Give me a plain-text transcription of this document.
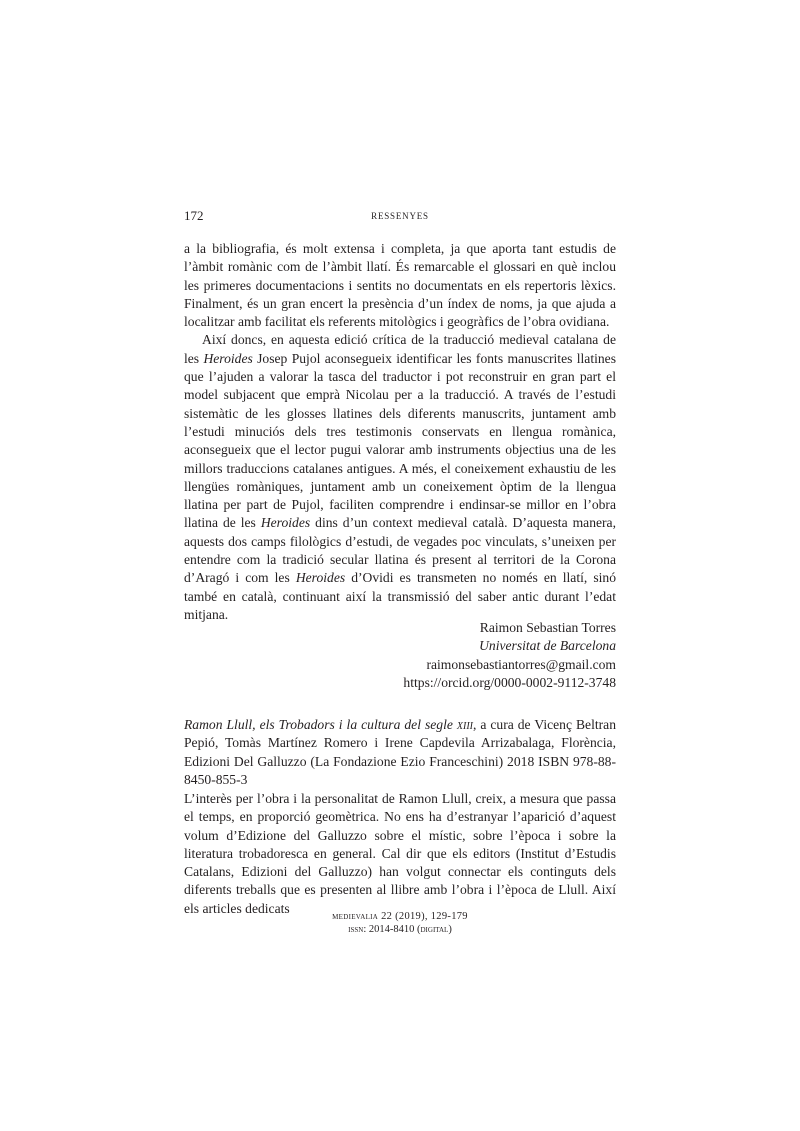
172	RESSENYES

a la bibliografia, és molt extensa i completa, ja que aporta tant estudis de l’àmbit romànic com de l’àmbit llatí. És remarcable el glossari en què inclou les primeres documentacions i sentits no documentats en els repertoris lèxics. Finalment, és un gran encert la presència d’un índex de noms, ja que ajuda a localitzar amb facilitat els referents mitològics i geogràfics de l’obra ovidiana.

Així doncs, en aquesta edició crítica de la traducció medieval catalana de les Heroides Josep Pujol aconsegueix identificar les fonts manuscrites llatines que l’ajuden a valorar la tasca del traductor i pot reconstruir en gran part el model subjacent que emprà Nicolau per a la traducció. A través de l’estudi sistemàtic de les glosses llatines dels diferents manuscrits, juntament amb l’estudi minuciós dels tres testimonis conservats en llengua romànica, aconsegueix que el lector pugui valorar amb instruments objectius una de les millors traduccions catalanes antigues. A més, el coneixement exhaustiu de les llengües romàniques, juntament amb un coneixement òptim de la llengua llatina per part de Pujol, faciliten comprendre i endinsar-se millor en l’obra llatina de les Heroides dins d’un context medieval català. D’aquesta manera, aquests dos camps filològics d’estudi, de vegades poc vinculats, s’uneixen per entendre com la tradició secular llatina és present al territori de la Corona d’Aragó i com les Heroides d’Ovidi es transmeten no només en llatí, sinó també en català, continuant així la transmissió del saber antic durant l’edat mitjana.

Raimon Sebastian Torres
Universitat de Barcelona
raimonsebastiantorres@gmail.com
https://orcid.org/0000-0002-9112-3748

Ramon Llull, els Trobadors i la cultura del segle xiii, a cura de Vicenç Beltran Pepió, Tomàs Martínez Romero i Irene Capdevila Arrizabalaga, Florència, Edizioni Del Galluzzo (La Fondazione Ezio Franceschini) 2018 ISBN 978-88-8450-855-3

L’interès per l’obra i la personalitat de Ramon Llull, creix, a mesura que passa el temps, en proporció geomètrica. No ens ha d’estranyar l’aparició d’aquest volum d’Edizione del Galluzzo sobre el místic, sobre l’època i sobre la literatura trobadoresca en general. Cal dir que els editors (Institut d’Estudis Catalans, Edizioni del Galluzzo) han volgut connectar els continguts dels diferents treballs que es presenten al llibre amb l’obra i l’època de Llull. Així els articles dedicats

medievalia 22 (2019), 129-179
issn: 2014-8410 (digital)
